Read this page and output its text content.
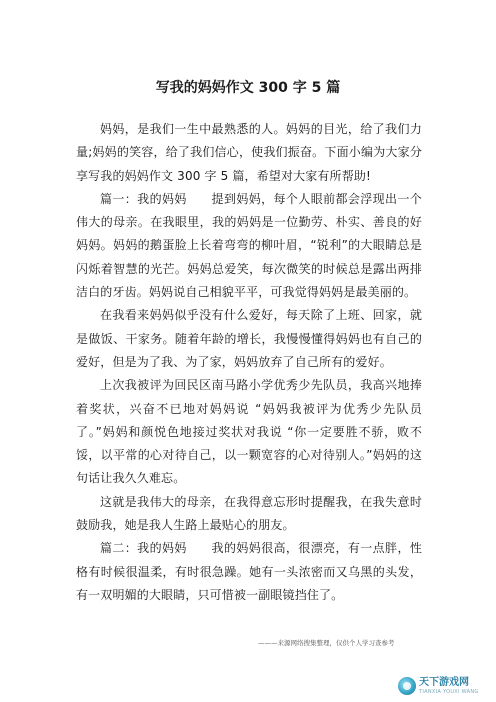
写我的妈妈作文 300 字 5 篇

妈妈，是我们一生中最熟悉的人。妈妈的目光，给了我们力量;妈妈的笑容，给了我们信心，使我们振奋。下面小编为大家分享写我的妈妈作文 300 字 5 篇，希望对大家有所帮助!

篇一：我的妈妈　　提到妈妈，每个人眼前都会浮现出一个伟大的母亲。在我眼里，我的妈妈是一位勤劳、朴实、善良的好妈妈。妈妈的鹅蛋脸上长着弯弯的柳叶眉，“锐利”的大眼睛总是闪烁着智慧的光芒。妈妈总爱笑，每次微笑的时候总是露出两排洁白的牙齿。妈妈说自己相貌平平，可我觉得妈妈是最美丽的。

在我看来妈妈似乎没有什么爱好，每天除了上班、回家，就是做饭、干家务。随着年龄的增长，我慢慢懂得妈妈也有自己的爱好，但是为了我、为了家，妈妈放弃了自己所有的爱好。

上次我被评为回民区南马路小学优秀少先队员，我高兴地捧着奖状，兴奋不已地对妈妈说 “妈妈我被评为优秀少先队员了。”妈妈和颜悦色地接过奖状对我说 “你一定要胜不骄，败不馁，以平常的心对待自己，以一颗宽容的心对待别人。”妈妈的这句话让我久久难忘。

这就是我伟大的母亲，在我得意忘形时提醒我，在我失意时鼓励我，她是我人生路上最贴心的朋友。

篇二：我的妈妈　　我的妈妈很高，很漂亮，有一点胖，性格有时候很温柔，有时很急躁。她有一头浓密而又乌黑的头发，有一双明媚的大眼睛，只可惜被一副眼镜挡住了。

———来源网络搜集整理，仅供个人学习查参考
天下游戏网
TIANXIA YOUXI WANG
